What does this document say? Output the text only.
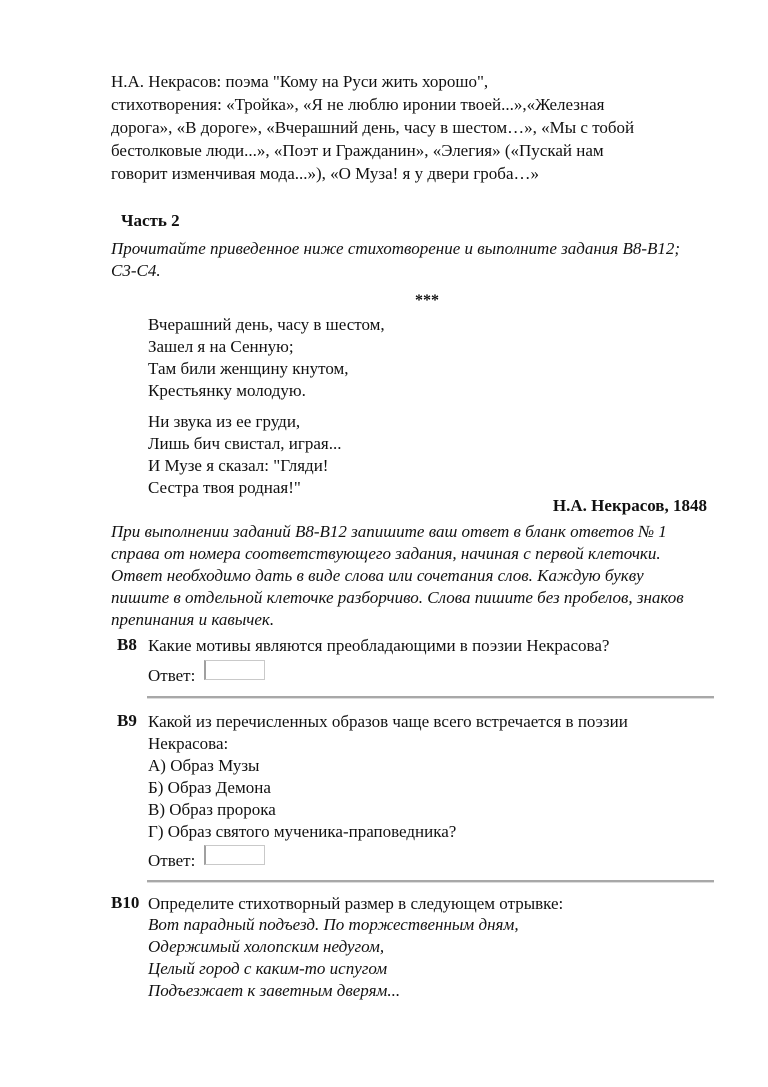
Н.А. Некрасов: поэма "Кому на Руси жить хорошо",
стихотворения: «Тройка», «Я не люблю иронии твоей...»,«Железная
дорога», «В дороге», «Вчерашний день, часу в шестом…», «Мы с тобой
бестолковые люди...», «Поэт и Гражданин», «Элегия» («Пускай нам
говорит изменчивая мода...»), «О Муза! я у двери гроба…»
Часть 2
Прочитайте приведенное ниже стихотворение и выполните задания В8-В12;
С3-С4.
***
Вчерашний день, часу в шестом,
Зашел я на Сенную;
Там били женщину кнутом,
Крестьянку молодую.
Ни звука из ее груди,
Лишь бич свистал, играя...
И Музе я сказал: "Гляди!
Сестра твоя родная!"
Н.А. Некрасов, 1848
При выполнении заданий В8-В12 запишите ваш ответ в бланк ответов № 1
справа от номера соответствующего задания, начиная с первой клеточки.
Ответ необходимо дать в виде слова или сочетания слов. Каждую букву
пишите в отдельной клеточке разборчиво. Слова пишите без пробелов, знаков
препинания и кавычек.
В8 Какие мотивы являются преобладающими в поэзии Некрасова?
Ответ:
В9 Какой из перечисленных образов чаще всего встречается в поэзии
Некрасова:
А) Образ Музы
Б) Образ Демона
В) Образ пророка
Г) Образ святого мученика-праповедника?
Ответ:
В10 Определите стихотворный размер в следующем отрывке:
Вот парадный подъезд. По торжественным дням,
Одержимый холопским недугом,
Целый город с каким-то испугом
Подъезжает к заветным дверям...
